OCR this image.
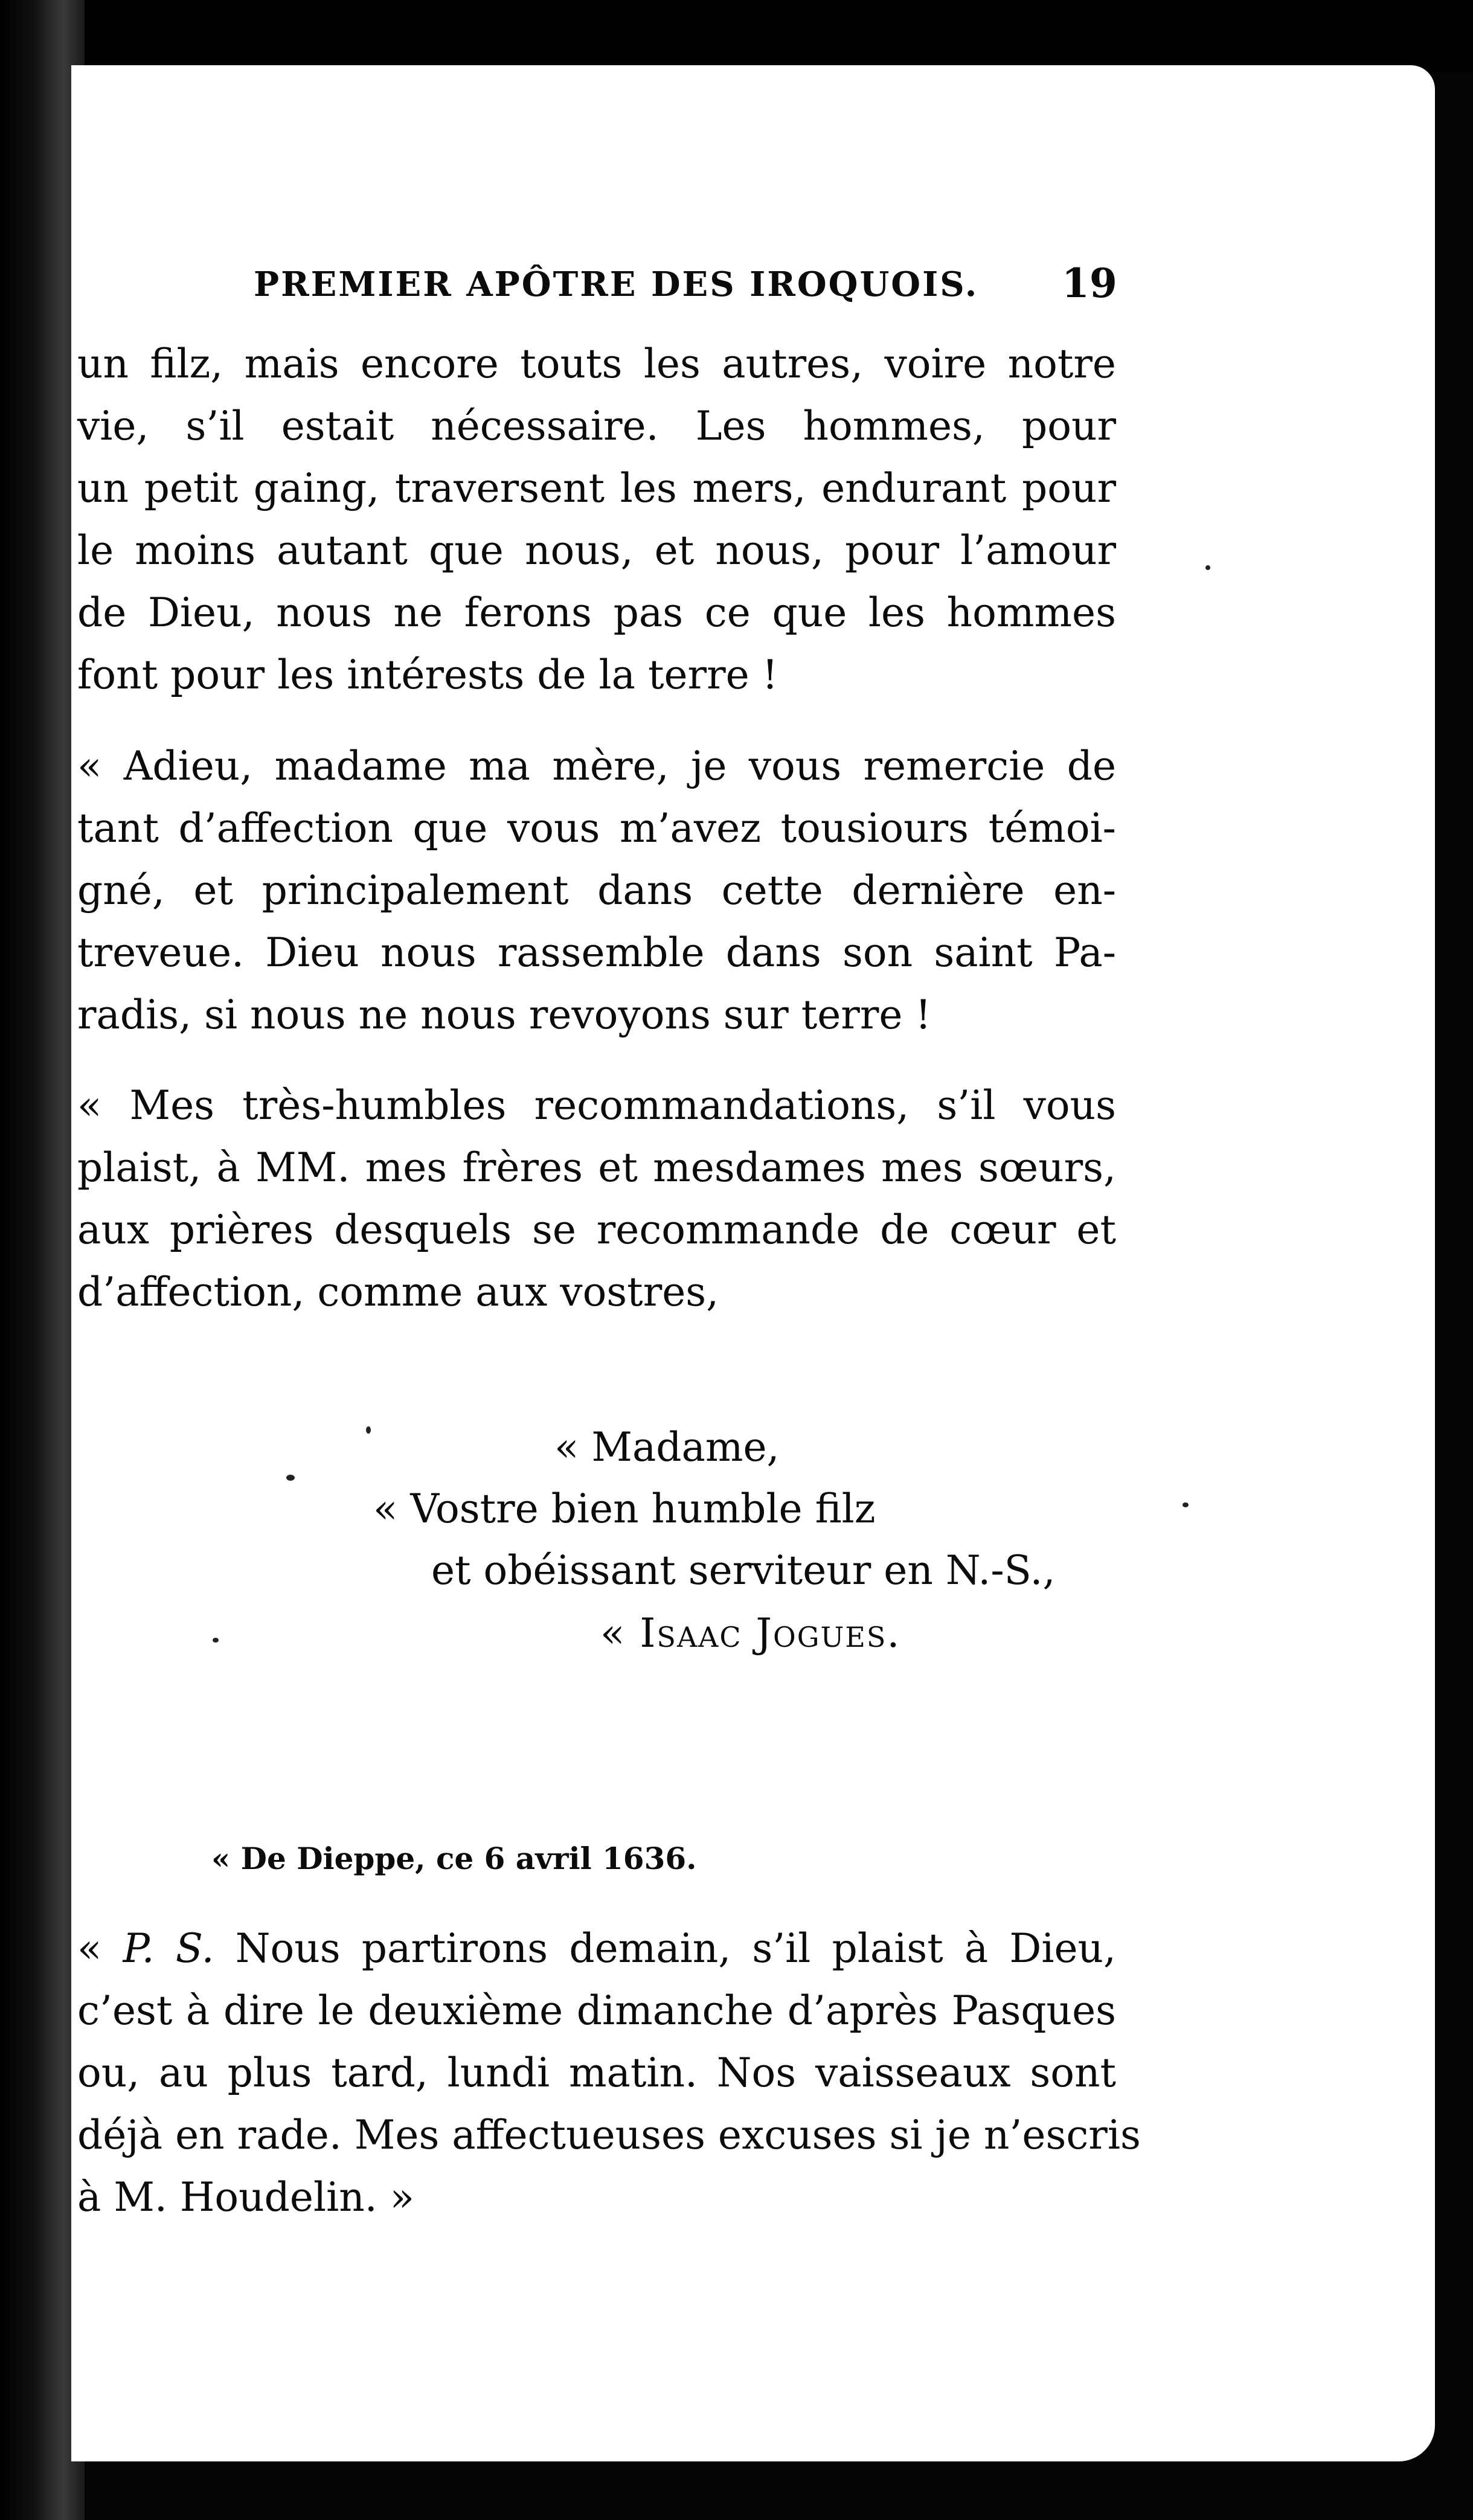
PREMIER APÔTRE DES IROQUOIS.	19
un filz, mais encore touts les autres, voire notre
vie, s’il estait nécessaire. Les hommes, pour
un petit gaing, traversent les mers, endurant pour
le moins autant que nous, et nous, pour l’amour
de Dieu, nous ne ferons pas ce que les hommes
font pour les intérests de la terre !
« Adieu, madame ma mère, je vous remercie de
tant d’affection que vous m’avez tousiours témoi-
gné, et principalement dans cette dernière en-
treveue. Dieu nous rassemble dans son saint Pa-
radis, si nous ne nous revoyons sur terre !
« Mes très-humbles recommandations, s’il vous
plaist, à MM. mes frères et mesdames mes sœurs,
aux prières desquels se recommande de cœur et
d’affection, comme aux vostres,
« Madame,
« Vostre bien humble filz
et obéissant serviteur en N.-S.,
« Isaac Jogues.
« De Dieppe, ce 6 avril 1636.
« P. S. Nous partirons demain, s’il plaist à Dieu,
c’est à dire le deuxième dimanche d’après Pasques
ou, au plus tard, lundi matin. Nos vaisseaux sont
déjà en rade. Mes affectueuses excuses si je n’escris
à M. Houdelin. »
